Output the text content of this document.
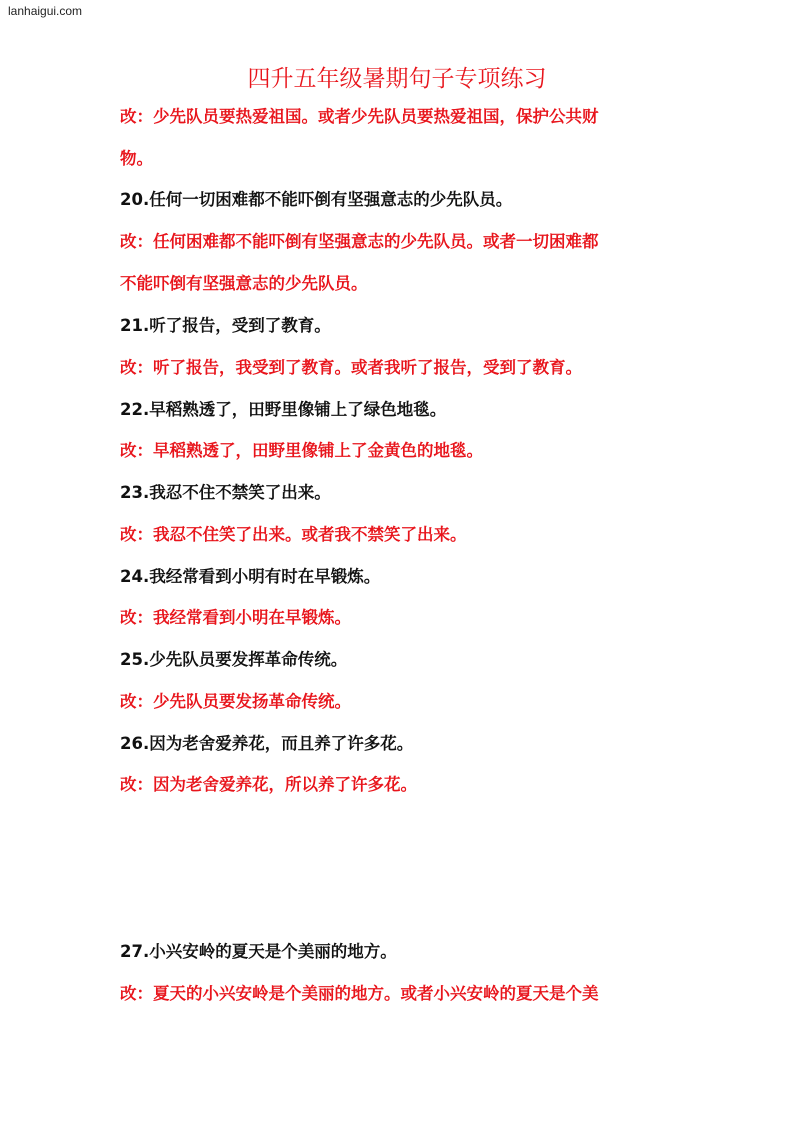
lanhaigui.com
四升五年级暑期句子专项练习
改：少先队员要热爱祖国。或者少先队员要热爱祖国，保护公共财
物。
20.任何一切困难都不能吓倒有坚强意志的少先队员。
改：任何困难都不能吓倒有坚强意志的少先队员。或者一切困难都
不能吓倒有坚强意志的少先队员。
21.听了报告，受到了教育。
改：听了报告，我受到了教育。或者我听了报告，受到了教育。
22.早稻熟透了，田野里像铺上了绿色地毯。
改：早稻熟透了，田野里像铺上了金黄色的地毯。
23.我忍不住不禁笑了出来。
改：我忍不住笑了出来。或者我不禁笑了出来。
24.我经常看到小明有时在早锻炼。
改：我经常看到小明在早锻炼。
25.少先队员要发挥革命传统。
改：少先队员要发扬革命传统。
26.因为老舍爱养花，而且养了许多花。
改：因为老舍爱养花，所以养了许多花。
27.小兴安岭的夏天是个美丽的地方。
改：夏天的小兴安岭是个美丽的地方。或者小兴安岭的夏天是个美
